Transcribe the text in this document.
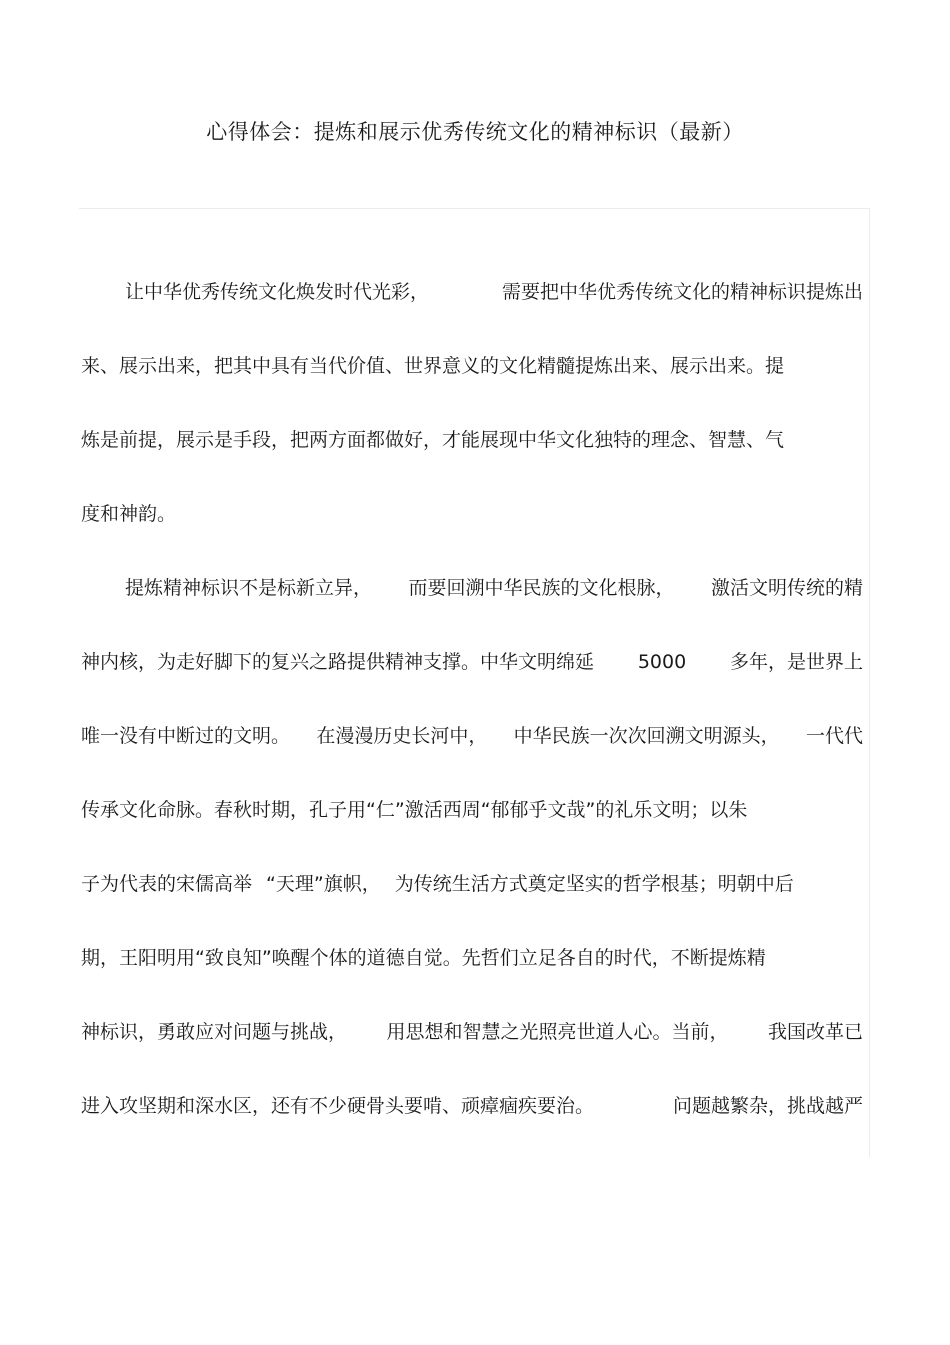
心得体会：提炼和展示优秀传统文化的精神标识（最新）
让中华优秀传统文化焕发时代光彩，	需要把中华优秀传统文化的精神标识提炼出
来、展示出来，把其中具有当代价值、世界意义的文化精髓提炼出来、展示出来。提
炼是前提，展示是手段，把两方面都做好，才能展现中华文化独特的理念、智慧、气
度和神韵。
提炼精神标识不是标新立异， 而要回溯中华民族的文化根脉， 激活文明传统的精
神内核，为走好脚下的复兴之路提供精神支撑。中华文明绵延 5000 多年，是世界上
唯一没有中断过的文明。 在漫漫历史长河中， 中华民族一次次回溯文明源头， 一代代
传承文化命脉。春秋时期，孔子用“仁”激活西周“郁郁乎文哉”的礼乐文明；以朱
子为代表的宋儒高举 “天理”旗帜， 为传统生活方式奠定坚实的哲学根基；明朝中后
期，王阳明用“致良知”唤醒个体的道德自觉。先哲们立足各自的时代，不断提炼精
神标识，勇敢应对问题与挑战， 用思想和智慧之光照亮世道人心。当前， 我国改革已
进入攻坚期和深水区，还有不少硬骨头要啃、顽瘴痼疾要治。	问题越繁杂，挑战越严
